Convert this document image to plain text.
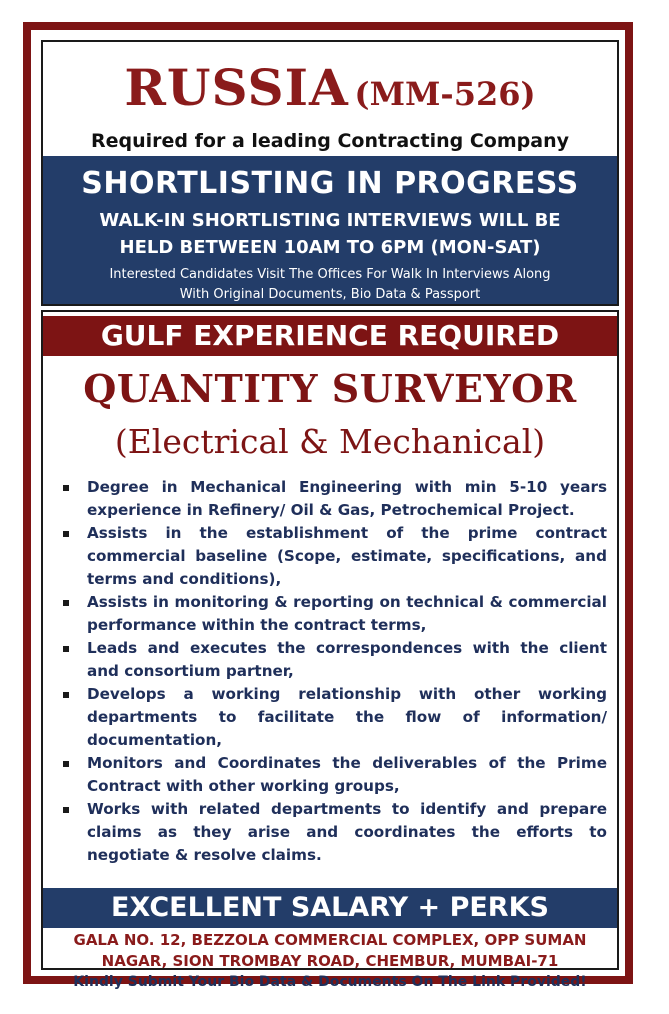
RUSSIA (MM-526)
Required for a leading Contracting Company
SHORTLISTING IN PROGRESS
WALK-IN SHORTLISTING INTERVIEWS WILL BE
HELD BETWEEN 10AM TO 6PM (MON-SAT)
Interested Candidates Visit The Offices For Walk In Interviews Along
With Original Documents, Bio Data & Passport
GULF EXPERIENCE REQUIRED
QUANTITY SURVEYOR
(Electrical & Mechanical)
Degree in Mechanical Engineering with min 5-10 years experience in Refinery/ Oil & Gas, Petrochemical Project.
Assists in the establishment of the prime contract commercial baseline (Scope, estimate, specifications, and terms and conditions),
Assists in monitoring & reporting on technical & commercial performance within the contract terms,
Leads and executes the correspondences with the client and consortium partner,
Develops a working relationship with other working departments to facilitate the flow of information/ documentation,
Monitors and Coordinates the deliverables of the Prime Contract with other working groups,
Works with related departments to identify and prepare claims as they arise and coordinates the efforts to negotiate & resolve claims.
EXCELLENT SALARY + PERKS
GALA NO. 12, BEZZOLA COMMERCIAL COMPLEX, OPP SUMAN
NAGAR, SION TROMBAY ROAD, CHEMBUR, MUMBAI-71
Kindly Submit Your Bio Data & Documents On The Link Provided!
